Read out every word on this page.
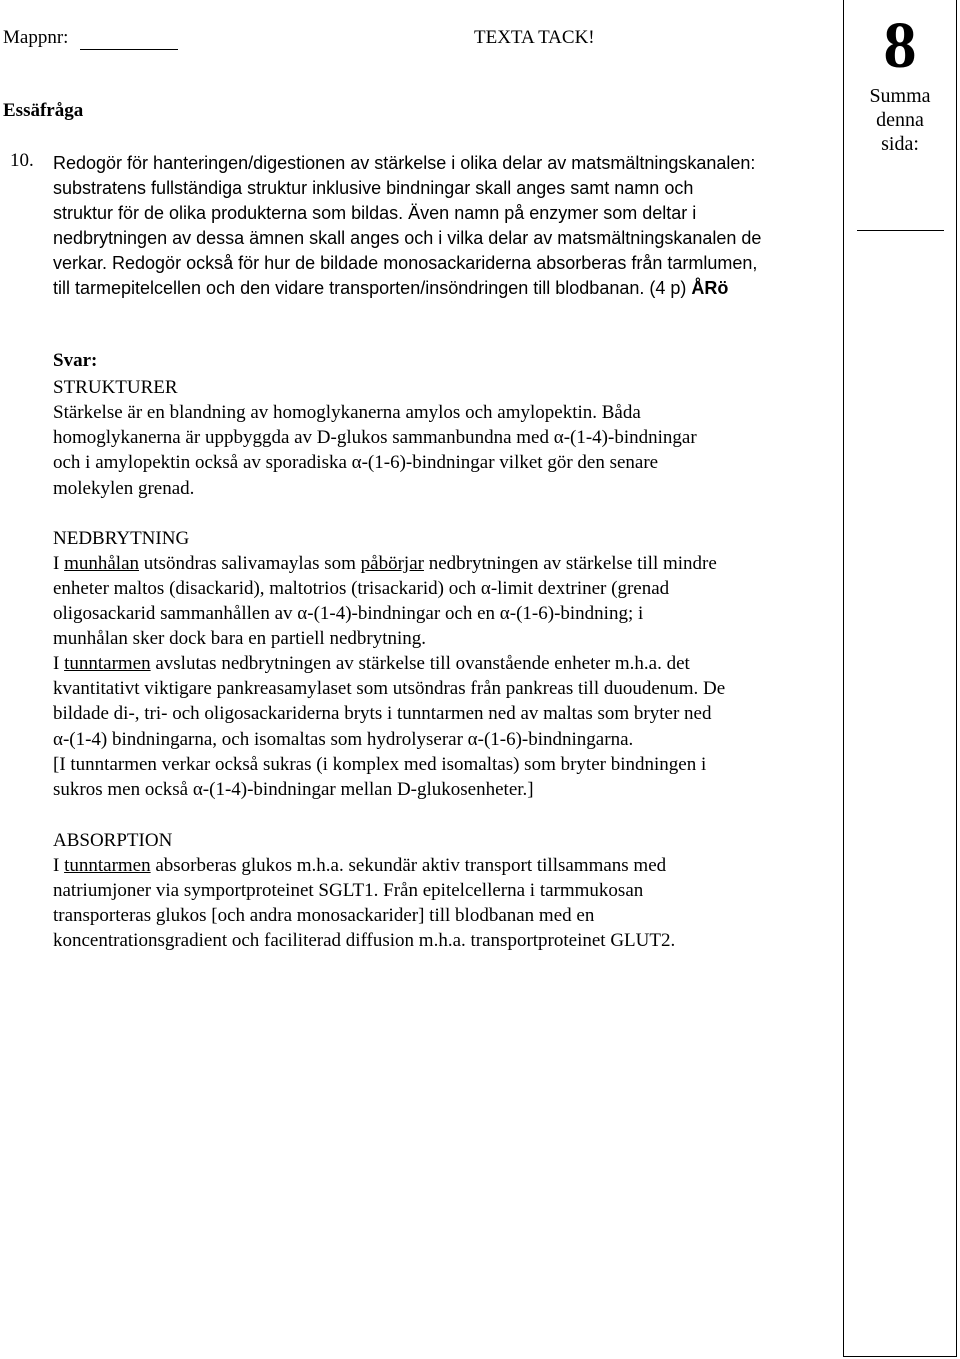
Mappnr:	TEXTA TACK!
Essäfråga
10. Redogör för hanteringen/digestionen av stärkelse i olika delar av matsmältningskanalen:
substratens fullständiga struktur inklusive bindningar skall anges samt namn och
struktur för de olika produkterna som bildas. Även namn på enzymer som deltar i
nedbrytningen av dessa ämnen skall anges och i vilka delar av matsmältningskanalen de
verkar. Redogör också för hur de bildade monosackariderna absorberas från tarmlumen,
till tarmepitelcellen och den vidare transporten/insöndringen till blodbanan. (4 p) ÅRö
Svar:
STRUKTURER
Stärkelse är en blandning av homoglykanerna amylos och amylopektin. Båda
homoglykanerna är uppbyggda av D-glukos sammanbundna med α-(1-4)-bindningar
och i amylopektin också av sporadiska α-(1-6)-bindningar vilket gör den senare
molekylen grenad.
NEDBRYTNING
I munhålan utsöndras salivamaylas som påbörjar nedbrytningen av stärkelse till mindre
enheter maltos (disackarid), maltotrios (trisackarid) och α-limit dextriner (grenad
oligosackarid sammanhållen av α-(1-4)-bindningar och en α-(1-6)-bindning; i
munhålan sker dock bara en partiell nedbrytning.
I tunntarmen avslutas nedbrytningen av stärkelse till ovanstående enheter m.h.a. det
kvantitativt viktigare pankreasamylaset som utsöndras från pankreas till duoudenum. De
bildade di-, tri- och oligosackariderna bryts i tunntarmen ned av maltas som bryter ned
α-(1-4) bindningarna, och isomaltas som hydrolyserar α-(1-6)-bindningarna.
[I tunntarmen verkar också sukras (i komplex med isomaltas) som bryter bindningen i
sukros men också α-(1-4)-bindningar mellan D-glukosenheter.]
ABSORPTION
I tunntarmen absorberas glukos m.h.a. sekundär aktiv transport tillsammans med
natriumjoner via symportproteinet SGLT1. Från epitelcellerna i tarmmukosan
transporteras glukos [och andra monosackarider] till blodbanan med en
koncentrationsgradient och faciliterad diffusion m.h.a. transportproteinet GLUT2.
8
Summa
denna
sida:
